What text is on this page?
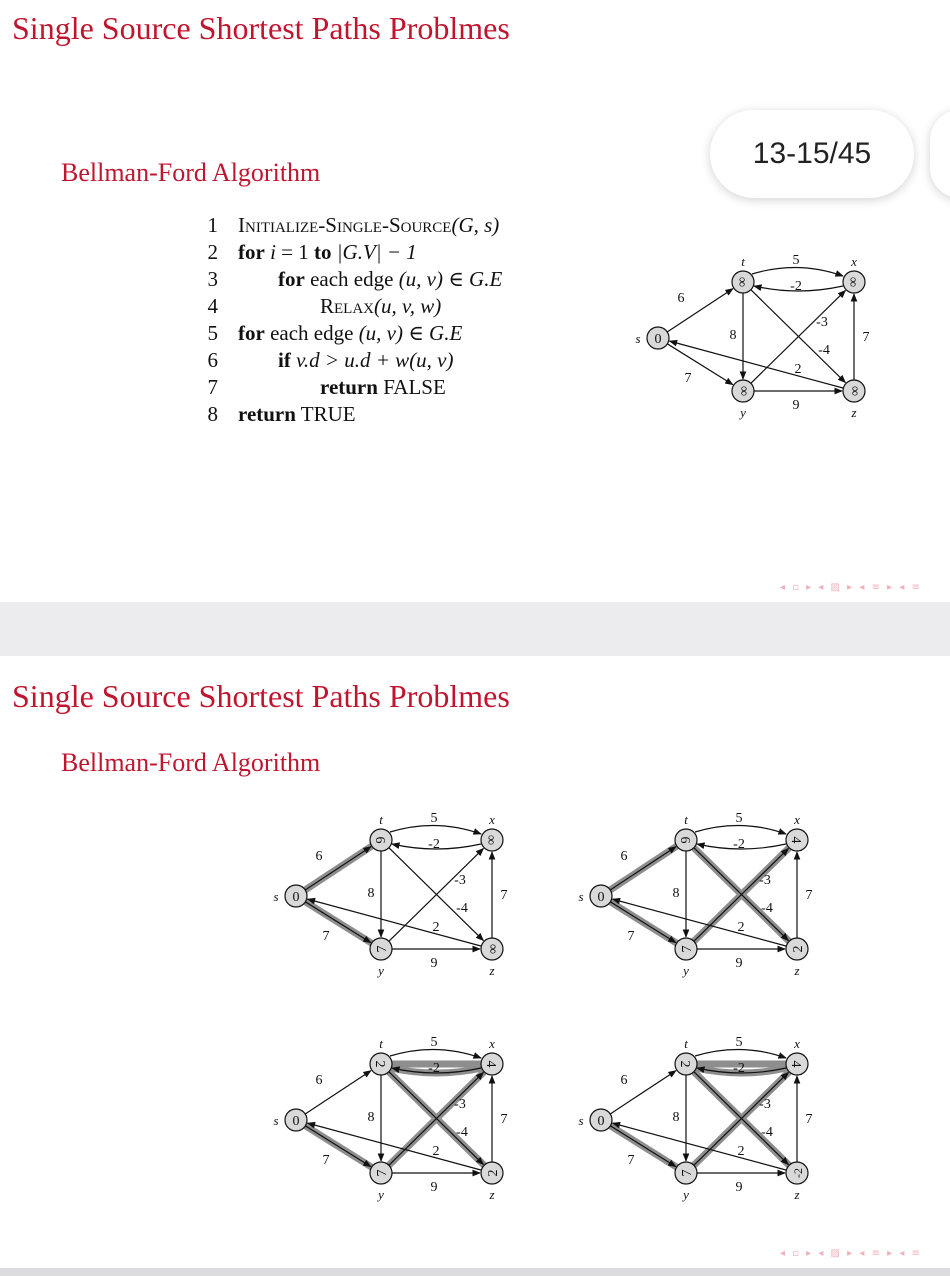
Single Source Shortest Paths Problmes
Bellman-Ford Algorithm
13-15/45
1 Initialize-Single-Source(G, s)
2 for i = 1 to |G.V| − 1
3	for each edge (u, v) ∈ G.E
4	Relax(u, v, w)
5 for each edge (u, v) ∈ G.E
6	if v.d > u.d + w(u, v)
7	return FALSE
8 return TRUE
6
7
5
-2
8
-4
-3
9
7
2
0
∞	∞
∞	∞
s
t	x
y	z
◂ ▫ ▸ ◂ ▨ ▸ ◂ ≡ ▸ ◂ ≡
Single Source Shortest Paths Problmes
Bellman-Ford Algorithm
6
7
5
-2
8
-4
-3
9
7
2
0
6	∞
7	∞
s
t	x
y	z
6
7
5
-2
8
-4
-3
9
7
2
0
6	4
7	2
s
t	x
y	z
6
7
5
-2
8
-4
-3
9
7
2
0
2	4
7	2
s
t	x
y	z
6
7
5
-2
8
-4
-3
9
7
2
0
2	4
7	-2
s
t	x
y	z
◂ ▫ ▸ ◂ ▨ ▸ ◂ ≡ ▸ ◂ ≡
